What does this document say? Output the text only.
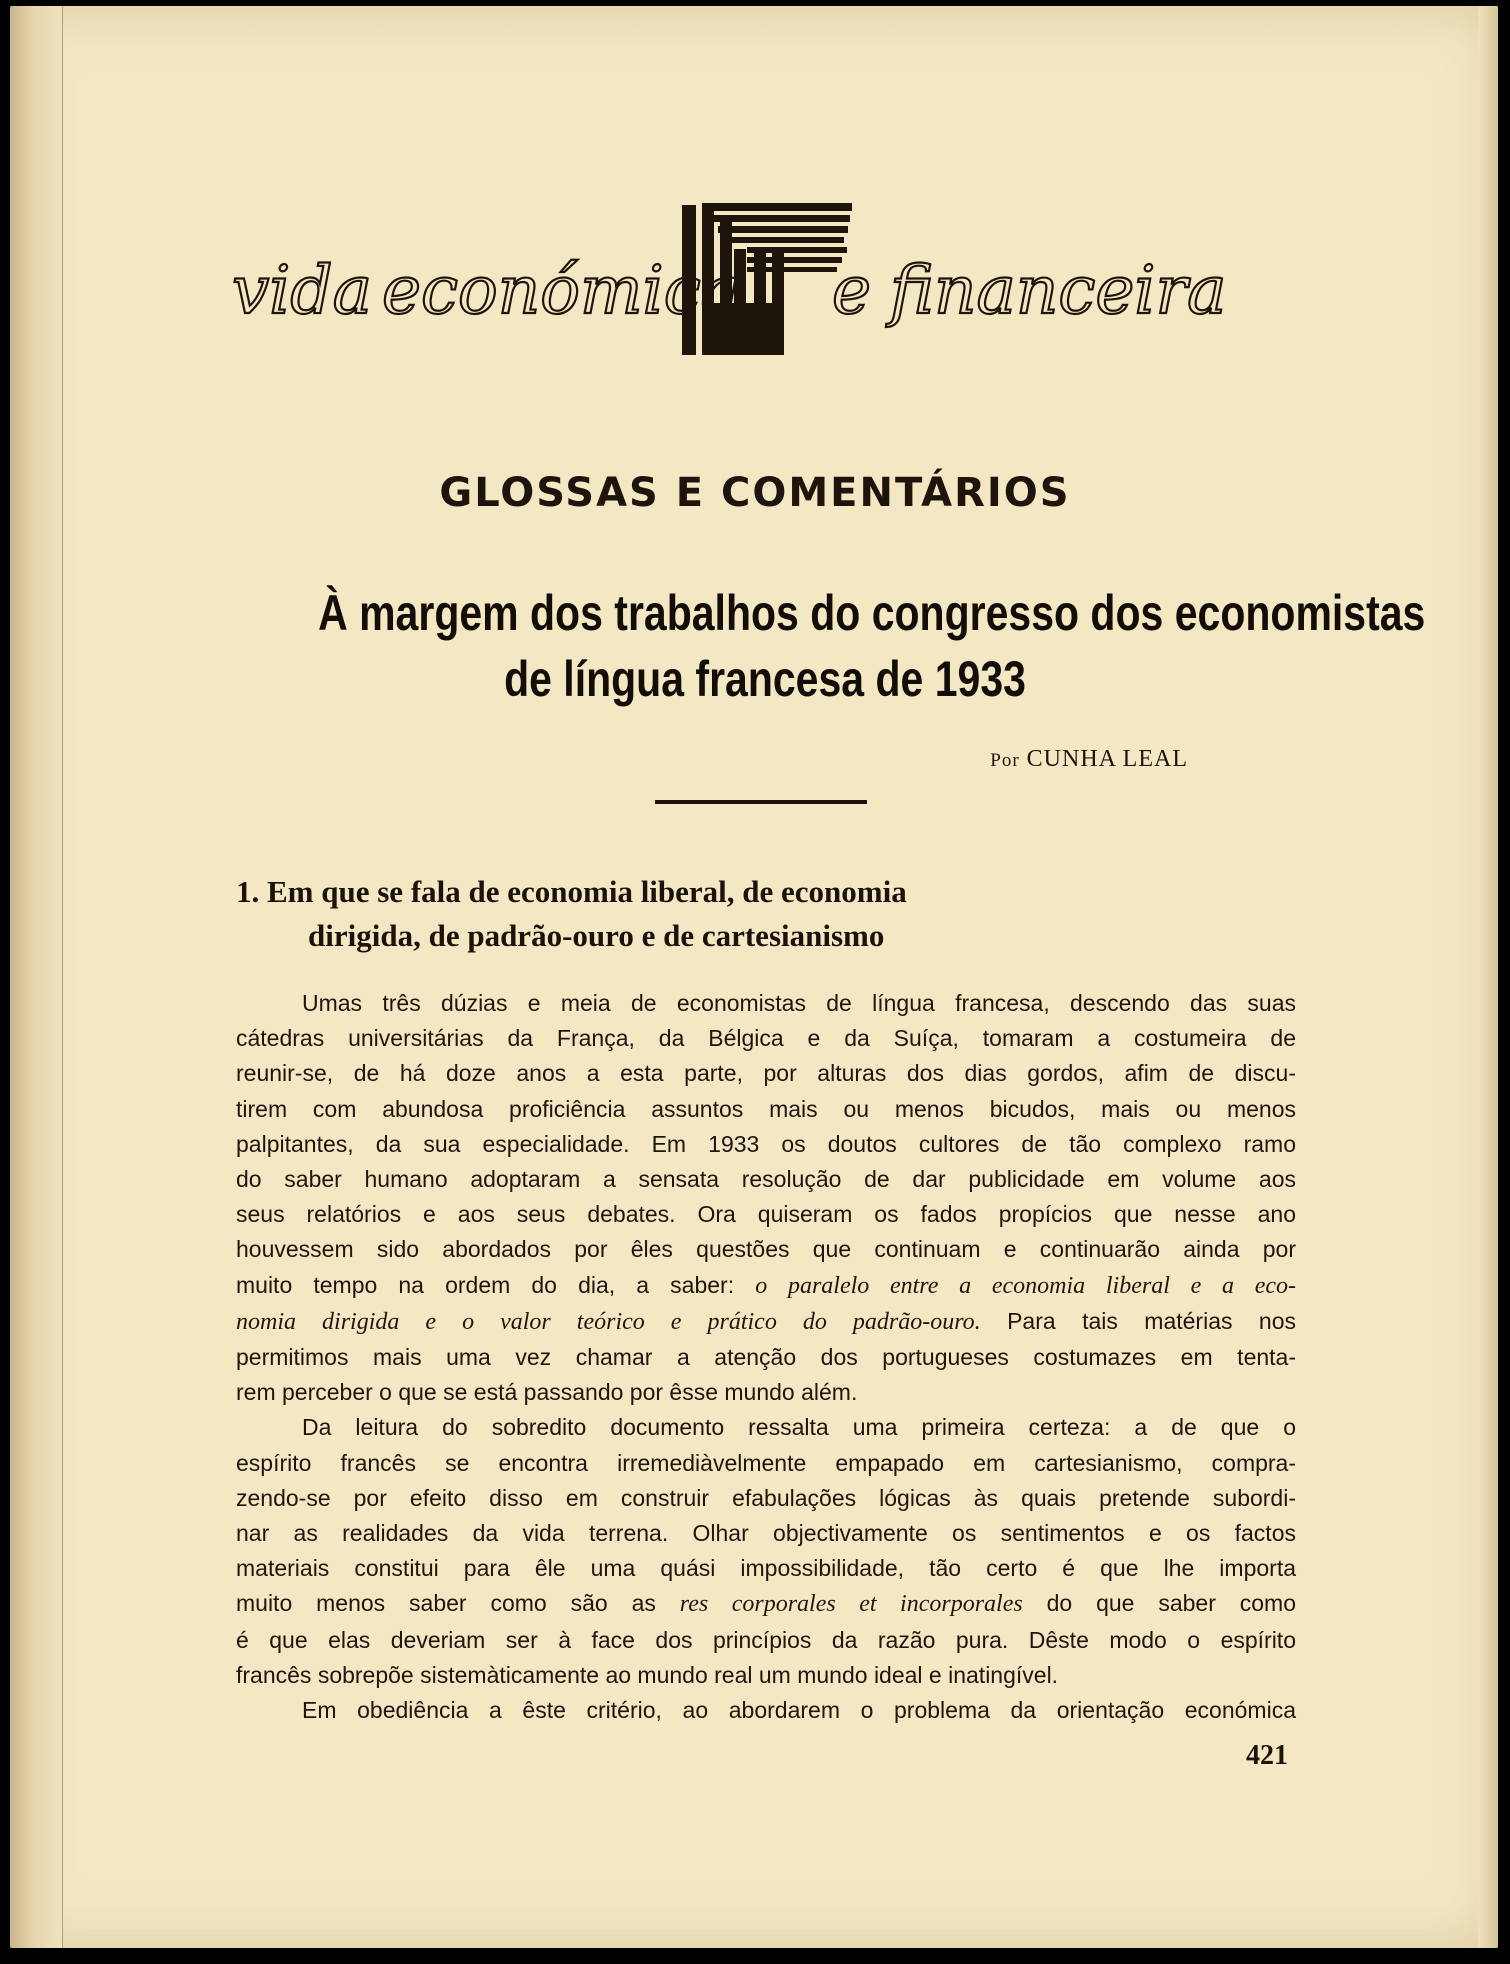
vida económica e financeira
GLOSSAS E COMENTÁRIOS
À margem dos trabalhos do congresso dos economistas
de língua francesa de 1933
Por CUNHA LEAL
1. Em que se fala de economia liberal, de economia
dirigida, de padrão-ouro e de cartesianismo

Umas três dúzias e meia de economistas de língua francesa, descendo das suas
cátedras universitárias da França, da Bélgica e da Suíça, tomaram a costumeira de
reunir-se, de há doze anos a esta parte, por alturas dos dias gordos, afim de discu-
tirem com abundosa proficiência assuntos mais ou menos bicudos, mais ou menos
palpitantes, da sua especialidade. Em 1933 os doutos cultores de tão complexo ramo
do saber humano adoptaram a sensata resolução de dar publicidade em volume aos
seus relatórios e aos seus debates. Ora quiseram os fados propícios que nesse ano
houvessem sido abordados por êles questões que continuam e continuarão ainda por
muito tempo na ordem do dia, a saber: o paralelo entre a economia liberal e a eco-
nomia dirigida e o valor teórico e prático do padrão-ouro. Para tais matérias nos
permitimos mais uma vez chamar a atenção dos portugueses costumazes em tenta-
rem perceber o que se está passando por êsse mundo além.

Da leitura do sobredito documento ressalta uma primeira certeza: a de que o
espírito francês se encontra irremediàvelmente empapado em cartesianismo, compra-
zendo-se por efeito disso em construir efabulações lógicas às quais pretende subordi-
nar as realidades da vida terrena. Olhar objectivamente os sentimentos e os factos
materiais constitui para êle uma quási impossibilidade, tão certo é que lhe importa
muito menos saber como são as res corporales et incorporales do que saber como
é que elas deveriam ser à face dos princípios da razão pura. Dêste modo o espírito
francês sobrepõe sistemàticamente ao mundo real um mundo ideal e inatingível.

Em obediência a êste critério, ao abordarem o problema da orientação económica

421
